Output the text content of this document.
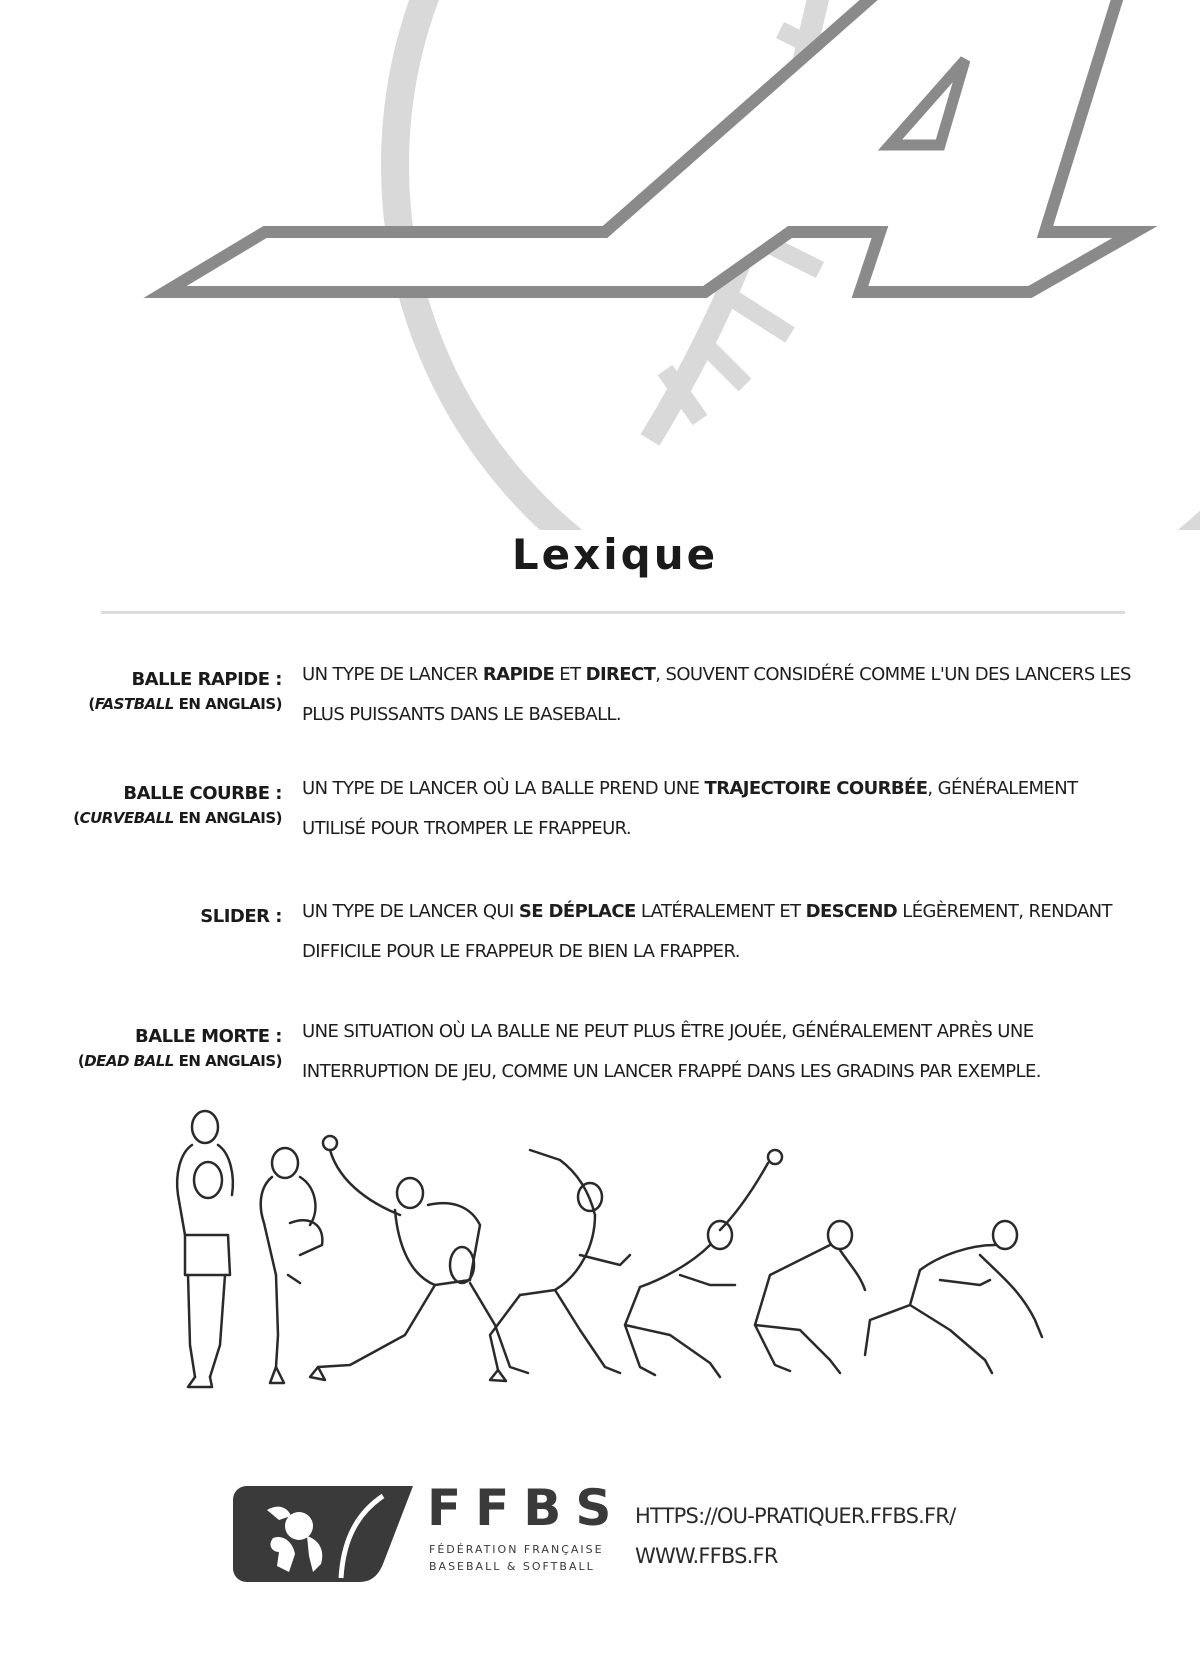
Lexique
BALLE RAPIDE :
(FASTBALL EN ANGLAIS)
UN TYPE DE LANCER RAPIDE ET DIRECT, SOUVENT CONSIDÉRÉ COMME L'UN DES LANCERS LES PLUS PUISSANTS DANS LE BASEBALL.
BALLE COURBE :
(CURVEBALL EN ANGLAIS)
UN TYPE DE LANCER OÙ LA BALLE PREND UNE TRAJECTOIRE COURBÉE, GÉNÉRALEMENT UTILISÉ POUR TROMPER LE FRAPPEUR.
SLIDER : UN TYPE DE LANCER QUI SE DÉPLACE LATÉRALEMENT ET DESCEND LÉGÈREMENT, RENDANT DIFFICILE POUR LE FRAPPEUR DE BIEN LA FRAPPER.
BALLE MORTE :
(DEAD BALL EN ANGLAIS)
UNE SITUATION OÙ LA BALLE NE PEUT PLUS ÊTRE JOUÉE, GÉNÉRALEMENT APRÈS UNE INTERRUPTION DE JEU, COMME UN LANCER FRAPPÉ DANS LES GRADINS PAR EXEMPLE.
FFBS
FÉDÉRATION FRANÇAISE
BASEBALL & SOFTBALL
HTTPS://OU-PRATIQUER.FFBS.FR/
WWW.FFBS.FR
